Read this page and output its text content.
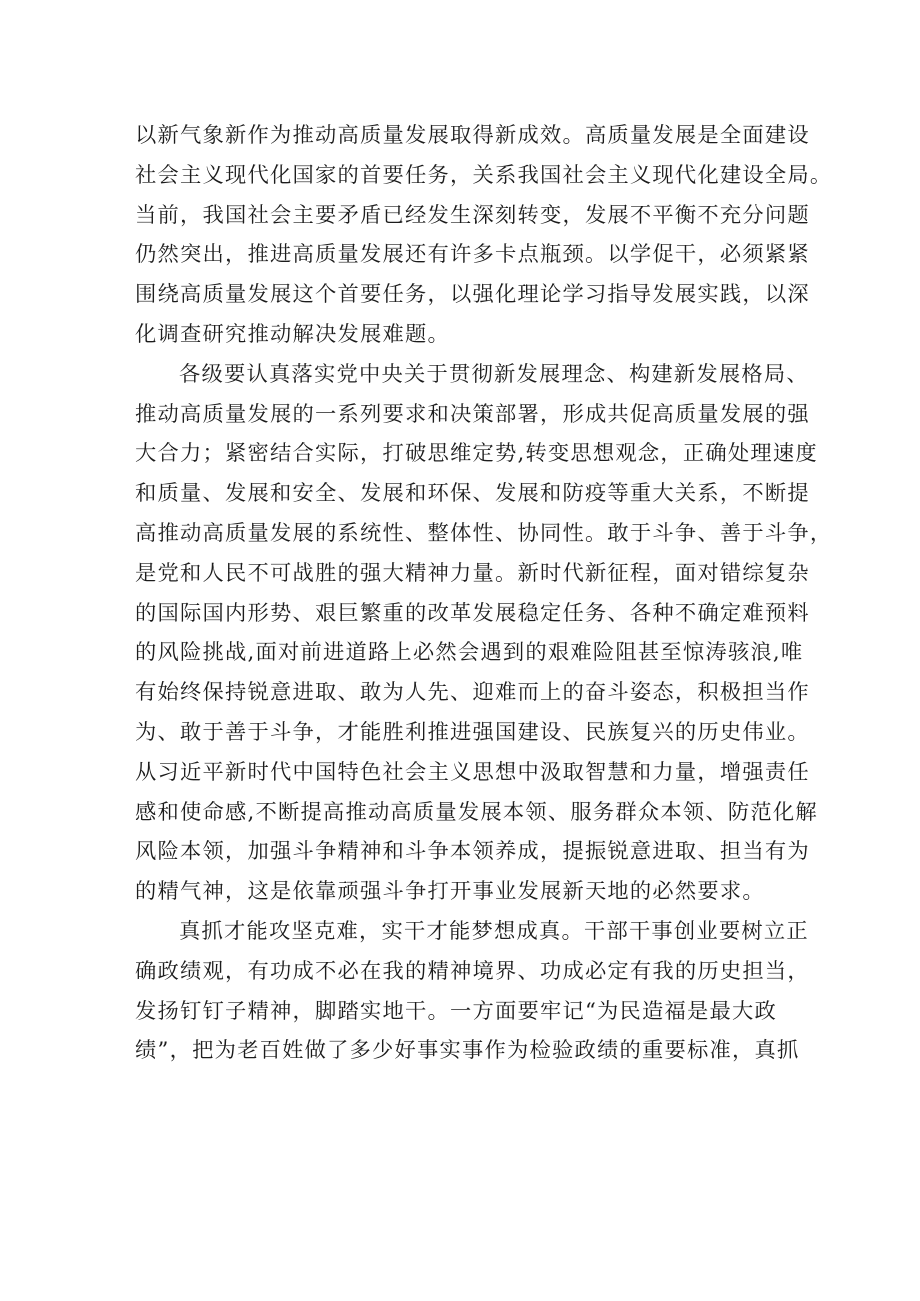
以新气象新作为推动高质量发展取得新成效。高质量发展是全面建设
社会主义现代化国家的首要任务，关系我国社会主义现代化建设全局。
当前，我国社会主要矛盾已经发生深刻转变，发展不平衡不充分问题
仍然突出，推进高质量发展还有许多卡点瓶颈。以学促干，必须紧紧
围绕高质量发展这个首要任务，以强化理论学习指导发展实践，以深
化调查研究推动解决发展难题。
各级要认真落实党中央关于贯彻新发展理念、构建新发展格局、
推动高质量发展的一系列要求和决策部署，形成共促高质量发展的强
大合力；紧密结合实际，打破思维定势,转变思想观念，正确处理速度
和质量、发展和安全、发展和环保、发展和防疫等重大关系，不断提
高推动高质量发展的系统性、整体性、协同性。敢于斗争、善于斗争，
是党和人民不可战胜的强大精神力量。新时代新征程，面对错综复杂
的国际国内形势、艰巨繁重的改革发展稳定任务、各种不确定难预料
的风险挑战,面对前进道路上必然会遇到的艰难险阻甚至惊涛骇浪,唯
有始终保持锐意进取、敢为人先、迎难而上的奋斗姿态，积极担当作
为、敢于善于斗争，才能胜利推进强国建设、民族复兴的历史伟业。
从习近平新时代中国特色社会主义思想中汲取智慧和力量，增强责任
感和使命感,不断提高推动高质量发展本领、服务群众本领、防范化解
风险本领，加强斗争精神和斗争本领养成，提振锐意进取、担当有为
的精气神，这是依靠顽强斗争打开事业发展新天地的必然要求。
真抓才能攻坚克难，实干才能梦想成真。干部干事创业要树立正
确政绩观，有功成不必在我的精神境界、功成必定有我的历史担当，
发扬钉钉子精神，脚踏实地干。一方面要牢记“为民造福是最大政
绩”，把为老百姓做了多少好事实事作为检验政绩的重要标准，真抓
